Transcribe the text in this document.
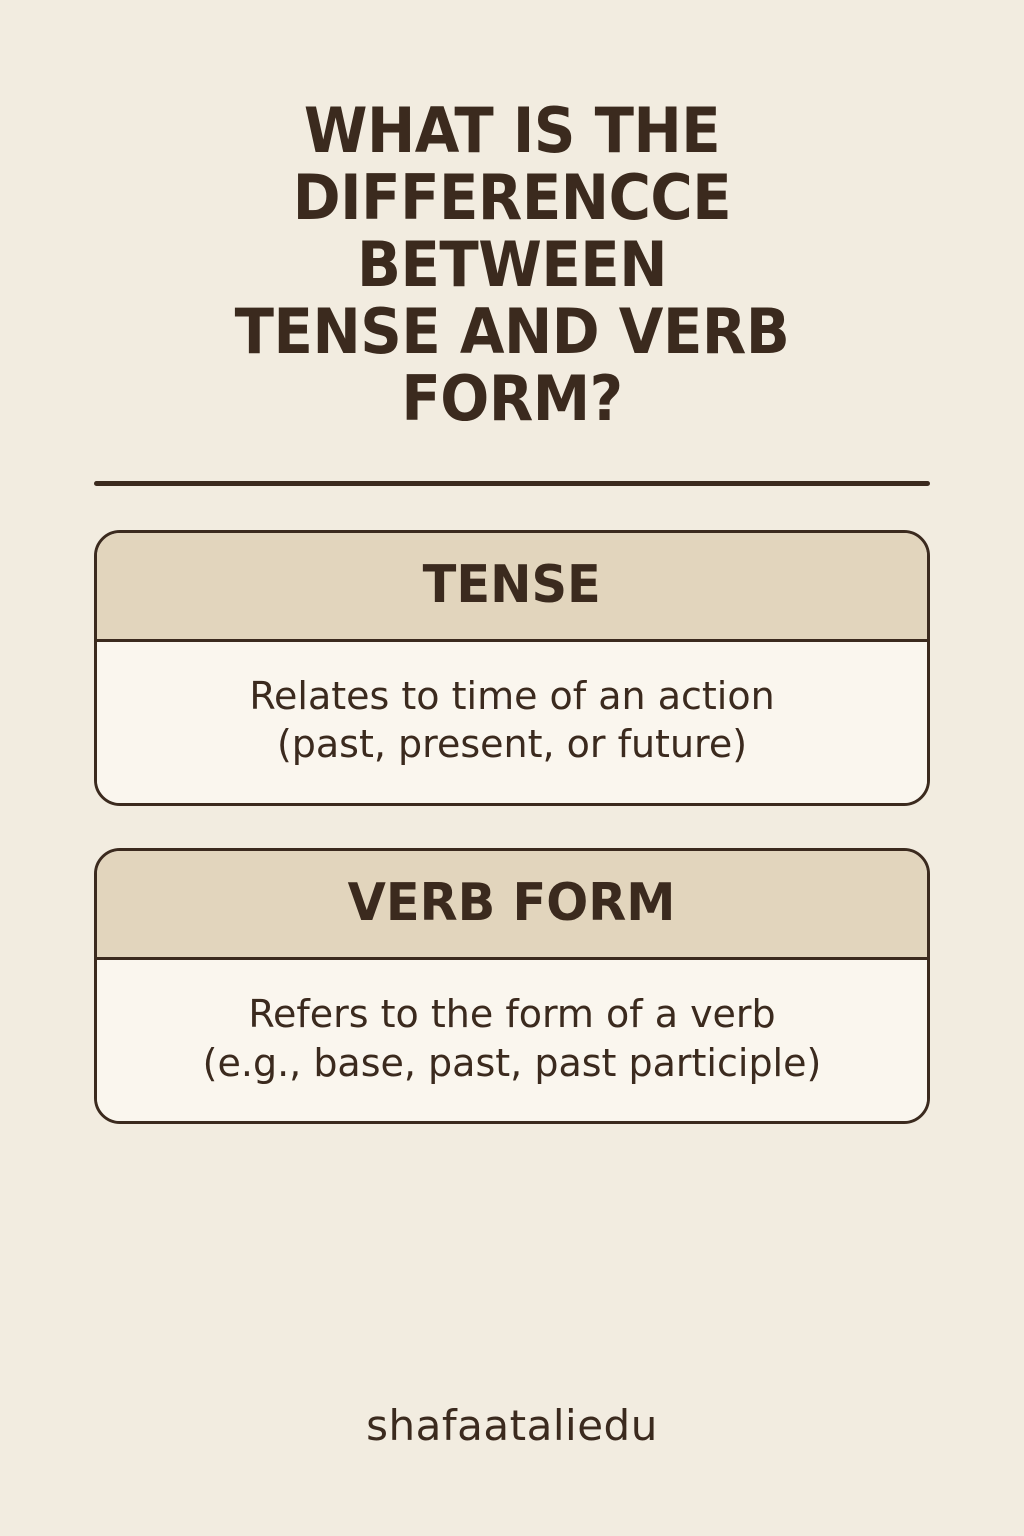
WHAT IS THE DIFFERENCCE
BETWEEN
TENSE AND VERB FORM?
TENSE
Relates to time of an action
(past, present, or future)
VERB FORM
Refers to the form of a verb
(e.g., base, past, past participle)
shafaataliedu
